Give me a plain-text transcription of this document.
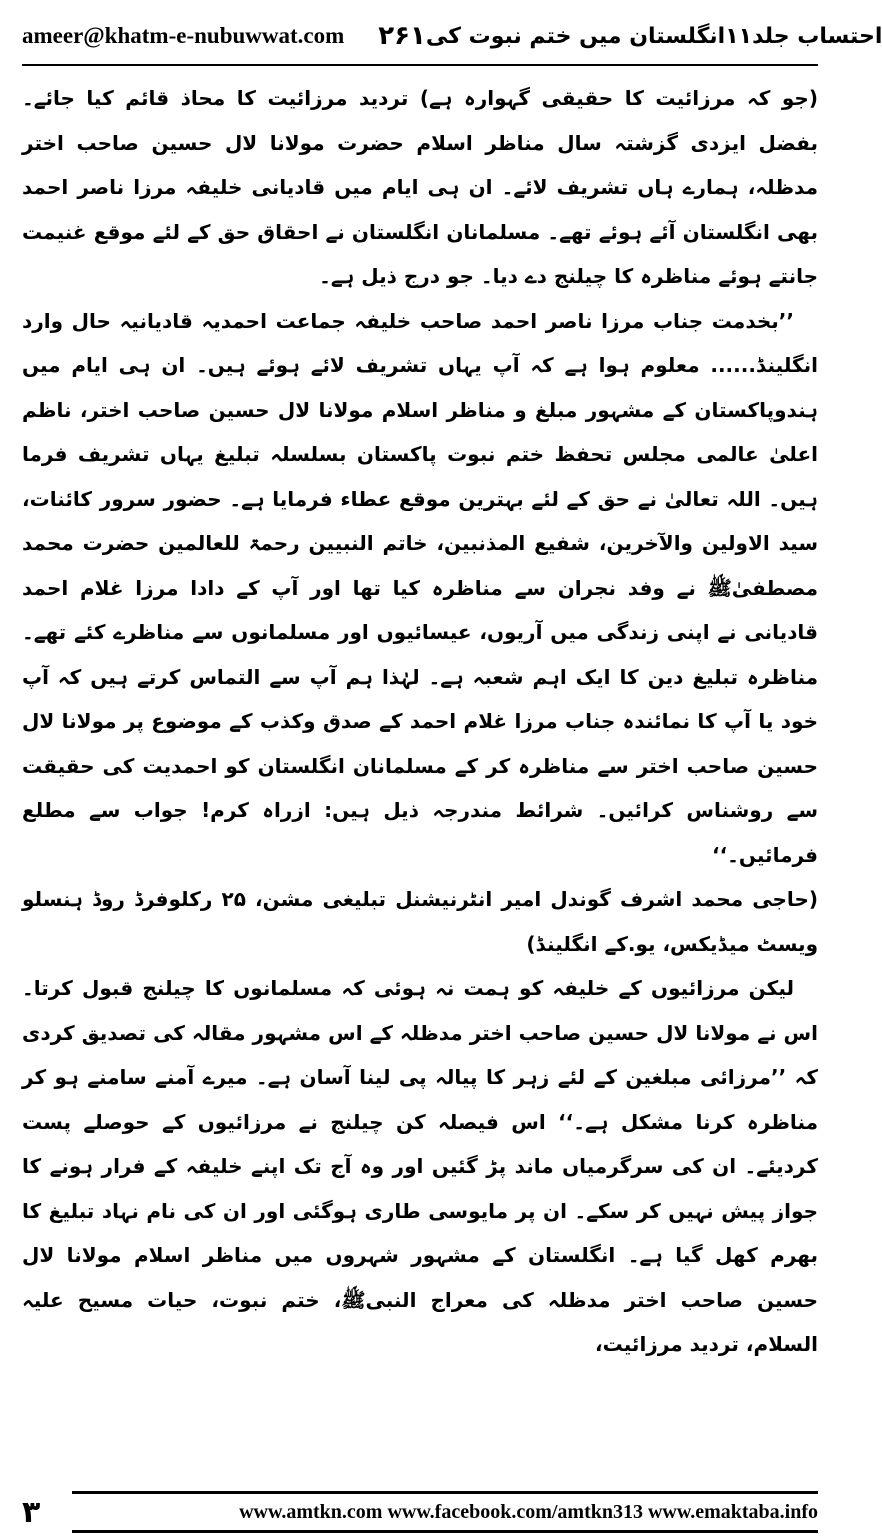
ameer@khatm-e-nubuwwat.com ۲۶۱ احتساب جلد۱۱انگلستان میں ختم نبوت کی

(جو کہ مرزائیت کا حقیقی گہوارہ ہے) تردید مرزائیت کا محاذ قائم کیا جائے۔ بفضل ایزدی گزشتہ سال مناظر اسلام حضرت مولانا لال حسین صاحب اختر مدظلہ، ہمارے ہاں تشریف لائے۔ ان ہی ایام میں قادیانی خلیفہ مرزا ناصر احمد بھی انگلستان آئے ہوئے تھے۔ مسلمانان انگلستان نے احقاق حق کے لئے موقع غنیمت جانتے ہوئے مناظرہ کا چیلنج دے دیا۔ جو درج ذیل ہے۔

’’بخدمت جناب مرزا ناصر احمد صاحب خلیفہ جماعت احمدیہ قادیانیہ حال وارد انگلینڈ...... معلوم ہوا ہے کہ آپ یہاں تشریف لائے ہوئے ہیں۔ ان ہی ایام میں ہندوپاکستان کے مشہور مبلغ و مناظر اسلام مولانا لال حسین صاحب اختر، ناظم اعلیٰ عالمی مجلس تحفظ ختم نبوت پاکستان بسلسلہ تبلیغ یہاں تشریف فرما ہیں۔ اللہ تعالیٰ نے حق کے لئے بہترین موقع عطاء فرمایا ہے۔ حضور سرور کائنات، سید الاولین والآخرین، شفیع المذنبین، خاتم النبیین رحمۃ للعالمین حضرت محمد مصطفیٰﷺ نے وفد نجران سے مناظرہ کیا تھا اور آپ کے دادا مرزا غلام احمد قادیانی نے اپنی زندگی میں آریوں، عیسائیوں اور مسلمانوں سے مناظرے کئے تھے۔ مناظرہ تبلیغ دین کا ایک اہم شعبہ ہے۔ لہٰذا ہم آپ سے التماس کرتے ہیں کہ آپ خود یا آپ کا نمائندہ جناب مرزا غلام احمد کے صدق وکذب کے موضوع پر مولانا لال حسین صاحب اختر سے مناظرہ کر کے مسلمانان انگلستان کو احمدیت کی حقیقت سے روشناس کرائیں۔ شرائط مندرجہ ذیل ہیں: ازراہ کرم! جواب سے مطلع فرمائیں۔‘‘

(حاجی محمد اشرف گوندل امیر انٹرنیشنل تبلیغی مشن، ۲۵ رکلوفرڈ روڈ ہنسلو ویسٹ میڈیکس، یو.کے انگلینڈ)

لیکن مرزائیوں کے خلیفہ کو ہمت نہ ہوئی کہ مسلمانوں کا چیلنج قبول کرتا۔ اس نے مولانا لال حسین صاحب اختر مدظلہ کے اس مشہور مقالہ کی تصدیق کردی کہ ’’مرزائی مبلغین کے لئے زہر کا پیالہ پی لینا آسان ہے۔ میرے آمنے سامنے ہو کر مناظرہ کرنا مشکل ہے۔‘‘ اس فیصلہ کن چیلنج نے مرزائیوں کے حوصلے پست کردیئے۔ ان کی سرگرمیاں ماند پڑ گئیں اور وہ آج تک اپنے خلیفہ کے فرار ہونے کا جواز پیش نہیں کر سکے۔ ان پر مایوسی طاری ہوگئی اور ان کی نام نہاد تبلیغ کا بھرم کھل گیا ہے۔ انگلستان کے مشہور شہروں میں مناظر اسلام مولانا لال حسین صاحب اختر مدظلہ کی معراج النبیﷺ، ختم نبوت، حیات مسیح علیہ السلام، تردید مرزائیت،

۳	www.amtkn.com www.facebook.com/amtkn313 www.emaktaba.info
